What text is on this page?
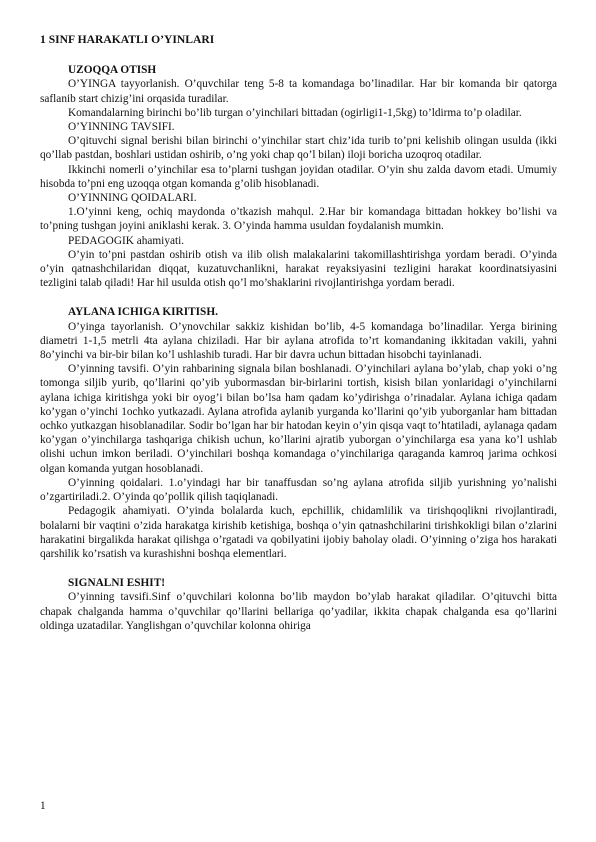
1 SINF HARAKATLI O’YINLARI
UZOQQA OTISH

O’YINGA tayyorlanish. O’quvchilar teng 5-8 ta komandaga bo’linadilar. Har bir komanda bir qatorga saflanib start chizig’ini orqasida turadilar.

Komandalarning birinchi bo’lib turgan o’yinchilari bittadan (ogirligi1-1,5kg) to’ldirma to’p oladilar.

O’YINNING TAVSIFI.

O’qituvchi signal berishi bilan birinchi o’yinchilar start chiz’ida turib to’pni kelishib olingan usulda (ikki qo’llab pastdan, boshlari ustidan oshirib, o’ng yoki chap qo’l bilan) iloji boricha uzoqroq otadilar.

Ikkinchi nomerli o’yinchilar esa to’plarni tushgan joyidan otadilar. O’yin shu zalda davom etadi. Umumiy hisobda to’pni eng uzoqqa otgan komanda g’olib hisoblanadi.

O’YINNING QOIDALARI.

1.O’yinni keng, ochiq maydonda o’tkazish mahqul. 2.Har bir komandaga bittadan hokkey bo’lishi va to’pning tushgan joyini aniklashi kerak. 3. O’yinda hamma usuldan foydalanish mumkin.

PEDAGOGIK ahamiyati.

O’yin to’pni pastdan oshirib otish va ilib olish malakalarini takomillashtirishga yordam beradi. O’yinda o’yin qatnashchilaridan diqqat, kuzatuvchanlikni, harakat reyaksiyasini tezligini harakat koordinatsiyasini tezligini talab qiladi! Har hil usulda otish qo’l mo’shaklarini rivojlantirishga yordam beradi.

AYLANA ICHIGA KIRITISH.

O’yinga tayorlanish. O’ynovchilar sakkiz kishidan bo’lib, 4-5 komandaga bo’linadilar. Yerga birining diametri 1-1,5 metrli 4ta aylana chiziladi. Har bir aylana atrofida to’rt komandaning ikkitadan vakili, yahni 8o’yinchi va bir-bir bilan ko’l ushlashib turadi. Har bir davra uchun bittadan hisobchi tayinlanadi.

O’yinning tavsifi. O’yin rahbarining signala bilan boshlanadi. O’yinchilari aylana bo’ylab, chap yoki o’ng tomonga siljib yurib, qo’llarini qo’yib yubormasdan bir-birlarini tortish, kisish bilan yonlaridagi o’yinchilarni aylana ichiga kiritishga yoki bir oyog’i bilan bo’lsa ham qadam ko’ydirishga o’rinadalar. Aylana ichiga qadam ko’ygan o’yinchi 1ochko yutkazadi. Aylana atrofida aylanib yurganda ko’llarini qo’yib yuborganlar ham bittadan ochko yutkazgan hisoblanadilar. Sodir bo’lgan har bir hatodan keyin o’yin qisqa vaqt to’htatiladi, aylanaga qadam ko’ygan o’yinchilarga tashqariga chikish uchun, ko’llarini ajratib yuborgan o’yinchilarga esa yana ko’l ushlab olishi uchun imkon beriladi. O’yinchilari boshqa komandaga o’yinchilariga qaraganda kamroq jarima ochkosi olgan komanda yutgan hosoblanadi.

O’yinning qoidalari. 1.o’yindagi har bir tanaffusdan so’ng aylana atrofida siljib yurishning yo’nalishi o’zgartiriladi.2. O’yinda qo’pollik qilish taqiqlanadi.

Pedagogik ahamiyati. O’yinda bolalarda kuch, epchillik, chidamlilik va tirishqoqlikni rivojlantiradi, bolalarni bir vaqtini o’zida harakatga kirishib ketishiga, boshqa o’yin qatnashchilarini tirishkokligi bilan o’zlarini harakatini birgalikda harakat qilishga o’rgatadi va qobilyatini ijobiy baholay oladi. O’yinning o’ziga hos harakati qarshilik ko’rsatish va kurashishni boshqa elementlari.

SIGNALNI ESHIT!

O’yinning tavsifi.Sinf o’quvchilari kolonna bo’lib maydon bo’ylab harakat qiladilar. O’qituvchi bitta chapak chalganda hamma o’quvchilar qo’llarini bellariga qo’yadilar, ikkita chapak chalganda esa qo’llarini oldinga uzatadilar. Yanglishgan o’quvchilar kolonna ohiriga

1
